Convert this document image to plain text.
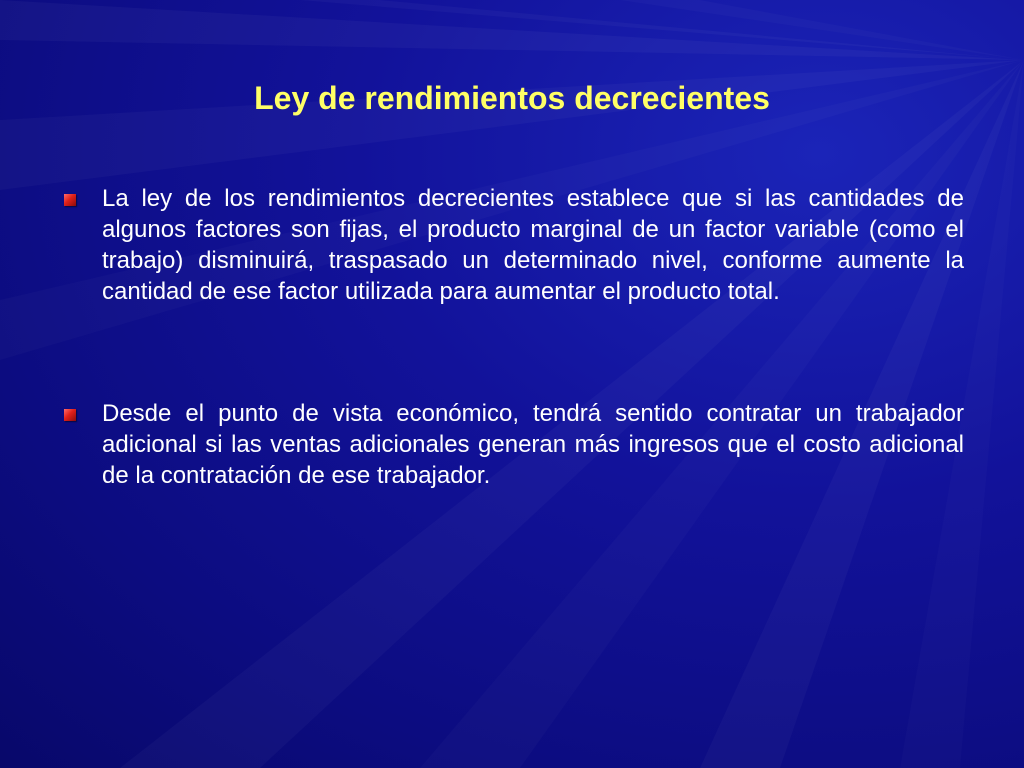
Ley de rendimientos decrecientes
La ley de los rendimientos decrecientes establece que si las cantidades de algunos factores son fijas, el producto marginal de un factor variable (como el trabajo) disminuirá, traspasado un determinado nivel, conforme aumente la cantidad de ese factor utilizada para aumentar el producto total.
Desde el punto de vista económico, tendrá sentido contratar un trabajador adicional si las ventas adicionales generan más ingresos que el costo adicional de la contratación de ese trabajador.
